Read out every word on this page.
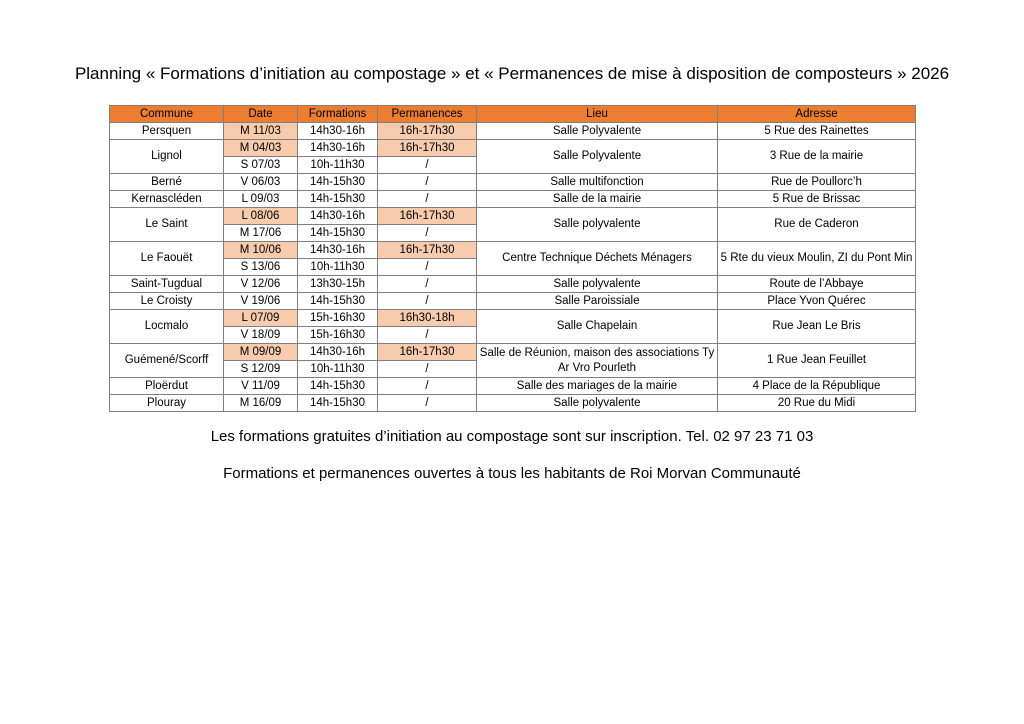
Planning « Formations d’initiation au compostage » et « Permanences de mise à disposition de composteurs » 2026
Commune	Date	Formations	Permanences	Lieu	Adresse
Persquen	M 11/03	14h30-16h	16h-17h30	Salle Polyvalente	5 Rue des Rainettes
Lignol	M 04/03	14h30-16h	16h-17h30	Salle Polyvalente	3 Rue de la mairie
	S 07/03	10h-11h30	/		
Berné	V 06/03	14h-15h30	/	Salle multifonction	Rue de Poullorc’h
Kernascléden	L 09/03	14h-15h30	/	Salle de la mairie	5 Rue de Brissac
Le Saint	L 08/06	14h30-16h	16h-17h30	Salle polyvalente	Rue de Caderon
	M 17/06	14h-15h30	/		
Le Faouët	M 10/06	14h30-16h	16h-17h30	Centre Technique Déchets Ménagers	5 Rte du vieux Moulin, ZI du Pont Min
	S 13/06	10h-11h30	/		
Saint-Tugdual	V 12/06	13h30-15h	/	Salle polyvalente	Route de l’Abbaye
Le Croisty	V 19/06	14h-15h30	/	Salle Paroissiale	Place Yvon Quérec
Locmalo	L 07/09	15h-16h30	16h30-18h	Salle Chapelain	Rue Jean Le Bris
	V 18/09	15h-16h30	/		
Guémené/Scorff	M 09/09	14h30-16h	16h-17h30	Salle de Réunion, maison des associations Ty Ar Vro Pourleth	1 Rue Jean Feuillet
	S 12/09	10h-11h30	/		
Ploërdut	V 11/09	14h-15h30	/	Salle des mariages de la mairie	4 Place de la République
Plouray	M 16/09	14h-15h30	/	Salle polyvalente	20 Rue du Midi
Les formations gratuites d’initiation au compostage sont sur inscription. Tel. 02 97 23 71 03
Formations et permanences ouvertes à tous les habitants de Roi Morvan Communauté
